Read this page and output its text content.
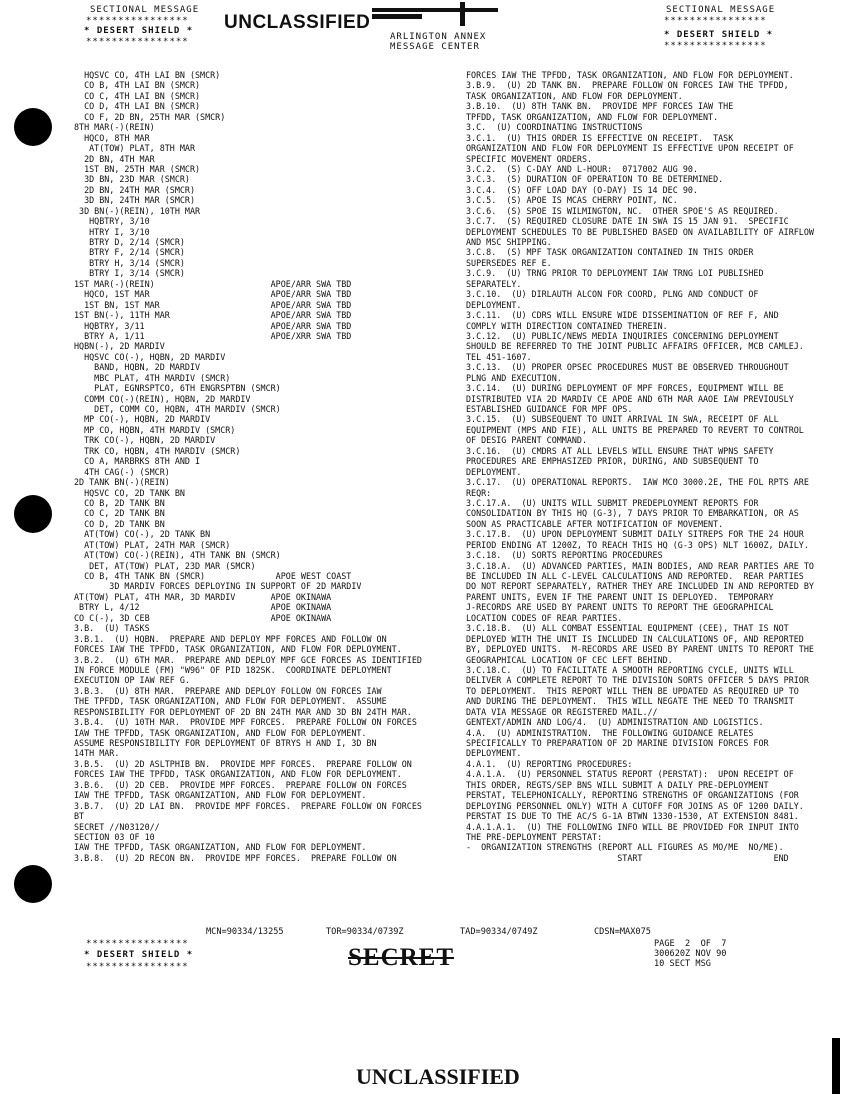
SECTIONAL MESSAGE
****************
* DESERT SHIELD *
****************
UNCLASSIFIED
ARLINGTON ANNEX
MESSAGE CENTER
SECTIONAL MESSAGE
****************
* DESERT SHIELD *
****************
HQSVC CO, 4TH LAI BN (SMCR)
CO B, 4TH LAI BN (SMCR)
CO C, 4TH LAI BN (SMCR)
CO D, 4TH LAI BN (SMCR)
CO F, 2D BN, 25TH MAR (SMCR)
8TH MAR(-)(REIN)
HQCO, 8TH MAR
AT(TOW) PLAT, 8TH MAR
2D BN, 4TH MAR
1ST BN, 25TH MAR (SMCR)
3D BN, 23D MAR (SMCR)
2D BN, 24TH MAR (SMCR)
3D BN, 24TH MAR (SMCR)
3D BN(-)(REIN), 10TH MAR
HQBTRY, 3/10
HTRY I, 3/10
BTRY D, 2/14 (SMCR)
BTRY F, 2/14 (SMCR)
BTRY H, 3/14 (SMCR)
BTRY I, 3/14 (SMCR)
1ST MAR(-)(REIN)                       APOE/ARR SWA TBD
HQCO, 1ST MAR                        APOE/ARR SWA TBD
1ST BN, 1ST MAR                      APOE/ARR SWA TBD
1ST BN(-), 11TH MAR                    APOE/ARR SWA TBD
HQBTRY, 3/11                         APOE/ARR SWA TBD
BTRY A, 1/11                         APOE/XRR SWA TBD
HQBN(-), 2D MARDIV
HQSVC CO(-), HQBN, 2D MARDIV
BAND, HQBN, 2D MARDIV
MBC PLAT, 4TH MARDIV (SMCR)
PLAT, EGNRSPTCO, 6TH ENGRSPTBN (SMCR)
COMM CO(-)(REIN), HQBN, 2D MARDIV
DET, COMM CO, HQBN, 4TH MARDIV (SMCR)
MP CO(-), HQBN, 2D MARDIV
MP CO, HQBN, 4TH MARDIV (SMCR)
TRK CO(-), HQBN, 2D MARDIV
TRK CO, HQBN, 4TH MARDIV (SMCR)
CO A, MARBRKS 8TH AND I
4TH CAG(-) (SMCR)
2D TANK BN(-)(REIN)
HQSVC CO, 2D TANK BN
CO B, 2D TANK BN
CO C, 2D TANK BN
CO D, 2D TANK BN
AT(TOW) CO(-), 2D TANK BN
AT(TOW) PLAT, 24TH MAR (SMCR)
AT(TOW) CO(-)(REIN), 4TH TANK BN (SMCR)
DET, AT(TOW) PLAT, 23D MAR (SMCR)
CO B, 4TH TANK BN (SMCR)              APOE WEST COAST
3D MARDIV FORCES DEPLOYING IN SUPPORT OF 2D MARDIV
AT(TOW) PLAT, 4TH MAR, 3D MARDIV       APOE OKINAWA
BTRY L, 4/12                          APOE OKINAWA
CO C(-), 3D CEB                        APOE OKINAWA
3.B.  (U) TASKS
3.B.1.  (U) HQBN.  PREPARE AND DEPLOY MPF FORCES AND FOLLOW ON
FORCES IAW THE TPFDD, TASK ORGANIZATION, AND FLOW FOR DEPLOYMENT.
3.B.2.  (U) 6TH MAR.  PREPARE AND DEPLOY MPF GCE FORCES AS IDENTIFIED
IN FORCE MODULE (FM) "W96" OF PID 182SK.  COORDINATE DEPLOYMENT
EXECUTION OP IAW REF G.
3.B.3.  (U) 8TH MAR.  PREPARE AND DEPLOY FOLLOW ON FORCES IAW
THE TPFDD, TASK ORGANIZATION, AND FLOW FOR DEPLOYMENT.  ASSUME
RESPONSIBILITY FOR DEPLOYMENT OF 2D BN 24TH MAR AND 3D BN 24TH MAR.
3.B.4.  (U) 10TH MAR.  PROVIDE MPF FORCES.  PREPARE FOLLOW ON FORCES
IAW THE TPFDD, TASK ORGANIZATION, AND FLOW FOR DEPLOYMENT.
ASSUME RESPONSIBILITY FOR DEPLOYMENT OF BTRYS H AND I, 3D BN
14TH MAR.
3.B.5.  (U) 2D ASLTPHIB BN.  PROVIDE MPF FORCES.  PREPARE FOLLOW ON
FORCES IAW THE TPFDD, TASK ORGANIZATION, AND FLOW FOR DEPLOYMENT.
3.B.6.  (U) 2D CEB.  PROVIDE MPF FORCES.  PREPARE FOLLOW ON FORCES
IAW THE TPFDD, TASK ORGANIZATION, AND FLOW FOR DEPLOYMENT.
3.B.7.  (U) 2D LAI BN.  PROVIDE MPF FORCES.  PREPARE FOLLOW ON FORCES
BT
SECRET //N03120//
SECTION 03 OF 10
IAW THE TPFDD, TASK ORGANIZATION, AND FLOW FOR DEPLOYMENT.
3.B.8.  (U) 2D RECON BN.  PROVIDE MPF FORCES.  PREPARE FOLLOW ON
FORCES IAW THE TPFDD, TASK ORGANIZATION, AND FLOW FOR DEPLOYMENT.
3.B.9.  (U) 2D TANK BN.  PREPARE FOLLOW ON FORCES IAW THE TPFDD,
TASK ORGANIZATION, AND FLOW FOR DEPLOYMENT.
3.B.10.  (U) 8TH TANK BN.  PROVIDE MPF FORCES IAW THE
TPFDD, TASK ORGANIZATION, AND FLOW FOR DEPLOYMENT.
3.C.  (U) COORDINATING INSTRUCTIONS
3.C.1.  (U) THIS ORDER IS EFFECTIVE ON RECEIPT.  TASK
ORGANIZATION AND FLOW FOR DEPLOYMENT IS EFFECTIVE UPON RECEIPT OF
SPECIFIC MOVEMENT ORDERS.
3.C.2.  (S) C-DAY AND L-HOUR:  0717002 AUG 90.
3.C.3.  (S) DURATION OF OPERATION TO BE DETERMINED.
3.C.4.  (S) OFF LOAD DAY (O-DAY) IS 14 DEC 90.
3.C.5.  (S) APOE IS MCAS CHERRY POINT, NC.
3.C.6.  (S) SPOE IS WILMINGTON, NC.  OTHER SPOE'S AS REQUIRED.
3.C.7.  (S) REQUIRED CLOSURE DATE IN SWA IS 15 JAN 91.  SPECIFIC
DEPLOYMENT SCHEDULES TO BE PUBLISHED BASED ON AVAILABILITY OF AIRFLOW
AND MSC SHIPPING.
3.C.8.  (S) MPF TASK ORGANIZATION CONTAINED IN THIS ORDER
SUPERSEDES REF E.
3.C.9.  (U) TRNG PRIOR TO DEPLOYMENT IAW TRNG LOI PUBLISHED
SEPARATELY.
3.C.10.  (U) DIRLAUTH ALCON FOR COORD, PLNG AND CONDUCT OF
DEPLOYMENT.
3.C.11.  (U) CDRS WILL ENSURE WIDE DISSEMINATION OF REF F, AND
COMPLY WITH DIRECTION CONTAINED THEREIN.
3.C.12.  (U) PUBLIC/NEWS MEDIA INQUIRIES CONCERNING DEPLOYMENT
SHOULD BE REFERRED TO THE JOINT PUBLIC AFFAIRS OFFICER, MCB CAMLEJ.
TEL 451-1607.
3.C.13.  (U) PROPER OPSEC PROCEDURES MUST BE OBSERVED THROUGHOUT
PLNG AND EXECUTION.
3.C.14.  (U) DURING DEPLOYMENT OF MPF FORCES, EQUIPMENT WILL BE
DISTRIBUTED VIA 2D MARDIV CE APOE AND 6TH MAR AAOE IAW PREVIOUSLY
ESTABLISHED GUIDANCE FOR MPF OPS.
3.C.15.  (U) SUBSEQUENT TO UNIT ARRIVAL IN SWA, RECEIPT OF ALL
EQUIPMENT (MPS AND FIE), ALL UNITS BE PREPARED TO REVERT TO CONTROL
OF DESIG PARENT COMMAND.
3.C.16.  (U) CMDRS AT ALL LEVELS WILL ENSURE THAT WPNS SAFETY
PROCEDURES ARE EMPHASIZED PRIOR, DURING, AND SUBSEQUENT TO
DEPLOYMENT.
3.C.17.  (U) OPERATIONAL REPORTS.  IAW MCO 3000.2E, THE FOL RPTS ARE
REQR:
3.C.17.A.  (U) UNITS WILL SUBMIT PREDEPLOYMENT REPORTS FOR
CONSOLIDATION BY THIS HQ (G-3), 7 DAYS PRIOR TO EMBARKATION, OR AS
SOON AS PRACTICABLE AFTER NOTIFICATION OF MOVEMENT.
3.C.17.B.  (U) UPON DEPLOYMENT SUBMIT DAILY SITREPS FOR THE 24 HOUR
PERIOD ENDING AT 1200Z, TO REACH THIS HQ (G-3 OPS) NLT 1600Z, DAILY.
3.C.18.  (U) SORTS REPORTING PROCEDURES
3.C.18.A.  (U) ADVANCED PARTIES, MAIN BODIES, AND REAR PARTIES ARE TO
BE INCLUDED IN ALL C-LEVEL CALCULATIONS AND REPORTED.  REAR PARTIES
DO NOT REPORT SEPARATELY, RATHER THEY ARE INCLUDED IN AND REPORTED BY
PARENT UNITS, EVEN IF THE PARENT UNIT IS DEPLOYED.  TEMPORARY
J-RECORDS ARE USED BY PARENT UNITS TO REPORT THE GEOGRAPHICAL
LOCATION CODES OF REAR PARTIES.
3.C.18.B.  (U) ALL COMBAT ESSENTIAL EQUIPMENT (CEE), THAT IS NOT
DEPLOYED WITH THE UNIT IS INCLUDED IN CALCULATIONS OF, AND REPORTED
BY, DEPLOYED UNITS.  M-RECORDS ARE USED BY PARENT UNITS TO REPORT THE
GEOGRAPHICAL LOCATION OF CEC LEFT BEHIND.
3.C.18.C.  (U) TO FACILITATE A SMOOTH REPORTING CYCLE, UNITS WILL
DELIVER A COMPLETE REPORT TO THE DIVISION SORTS OFFICER 5 DAYS PRIOR
TO DEPLOYMENT.  THIS REPORT WILL THEN BE UPDATED AS REQUIRED UP TO
AND DURING THE DEPLOYMENT.  THIS WILL NEGATE THE NEED TO TRANSMIT
DATA VIA MESSAGE OR REGISTERED MAIL.//
GENTEXT/ADMIN AND LOG/4.  (U) ADMINISTRATION AND LOGISTICS.
4.A.  (U) ADMINISTRATION.  THE FOLLOWING GUIDANCE RELATES
SPECIFICALLY TO PREPARATION OF 2D MARINE DIVISION FORCES FOR
DEPLOYMENT.
4.A.1.  (U) REPORTING PROCEDURES:
4.A.1.A.  (U) PERSONNEL STATUS REPORT (PERSTAT):  UPON RECEIPT OF
THIS ORDER, REGTS/SEP BNS WILL SUBMIT A DAILY PRE-DEPLOYMENT
PERSTAT, TELEPHONICALLY, REPORTING STRENGTHS OF ORGANIZATIONS (FOR
DEPLOYING PERSONNEL ONLY) WITH A CUTOFF FOR JOINS AS OF 1200 DAILY.
PERSTAT IS DUE TO THE AC/S G-1A BTWN 1330-1530, AT EXTENSION 8481.
4.A.1.A.1.  (U) THE FOLLOWING INFO WILL BE PROVIDED FOR INPUT INTO
THE PRE-DEPLOYMENT PERSTAT:
-  ORGANIZATION STRENGTHS (REPORT ALL FIGURES AS MO/ME  NO/ME).
START                          END
MCN=90334/13255	TOR=90334/0739Z	TAD=90334/0749Z	CDSN=MAX075
****************
* DESERT SHIELD *
****************	SECRET	PAGE  2  OF  7
300620Z NOV 90
10 SECT MSG
UNCLASSIFIED
